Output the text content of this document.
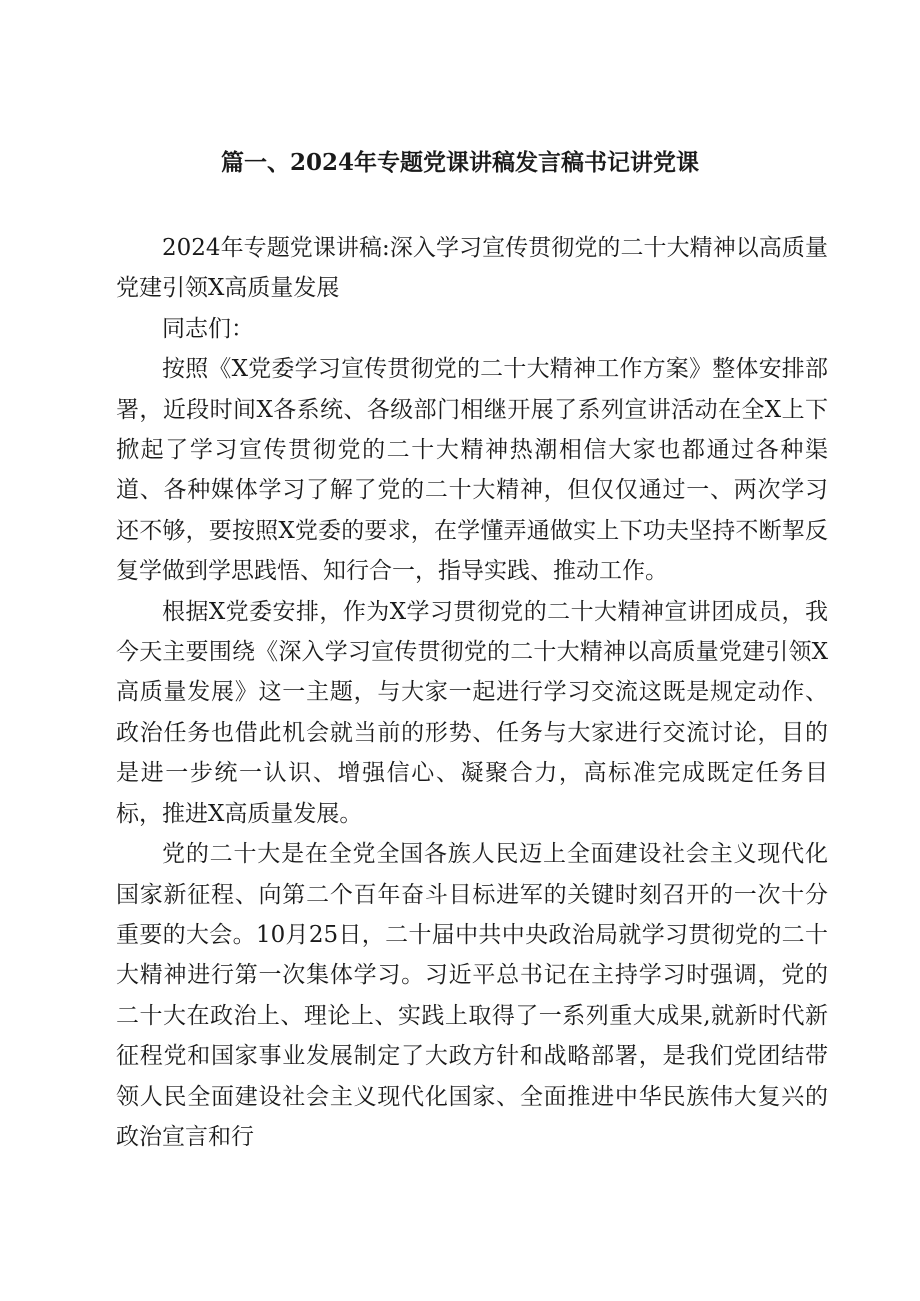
篇一、2024年专题党课讲稿发言稿书记讲党课

2024年专题党课讲稿:深入学习宣传贯彻党的二十大精神以高质量党建引领X高质量发展

同志们：

按照《X党委学习宣传贯彻党的二十大精神工作方案》整体安排部署，近段时间X各系统、各级部门相继开展了系列宣讲活动在全X上下掀起了学习宣传贯彻党的二十大精神热潮相信大家也都通过各种渠道、各种媒体学习了解了党的二十大精神，但仅仅通过一、两次学习还不够，要按照X党委的要求，在学懂弄通做实上下功夫坚持不断挈反复学做到学思践悟、知行合一，指导实践、推动工作。

根据X党委安排，作为X学习贯彻党的二十大精神宣讲团成员，我今天主要围绕《深入学习宣传贯彻党的二十大精神以高质量党建引领X高质量发展》这一主题，与大家一起进行学习交流这既是规定动作、政治任务也借此机会就当前的形势、任务与大家进行交流讨论，目的是进一步统一认识、增强信心、凝聚合力，高标准完成既定任务目标，推进X高质量发展。

党的二十大是在全党全国各族人民迈上全面建设社会主义现代化国家新征程、向第二个百年奋斗目标进军的关键时刻召开的一次十分重要的大会。10月25日，二十届中共中央政治局就学习贯彻党的二十大精神进行第一次集体学习。习近平总书记在主持学习时强调，党的二十大在政治上、理论上、实践上取得了一系列重大成果,就新时代新征程党和国家事业发展制定了大政方针和战略部署，是我们党团结带领人民全面建设社会主义现代化国家、全面推进中华民族伟大复兴的政治宣言和行
